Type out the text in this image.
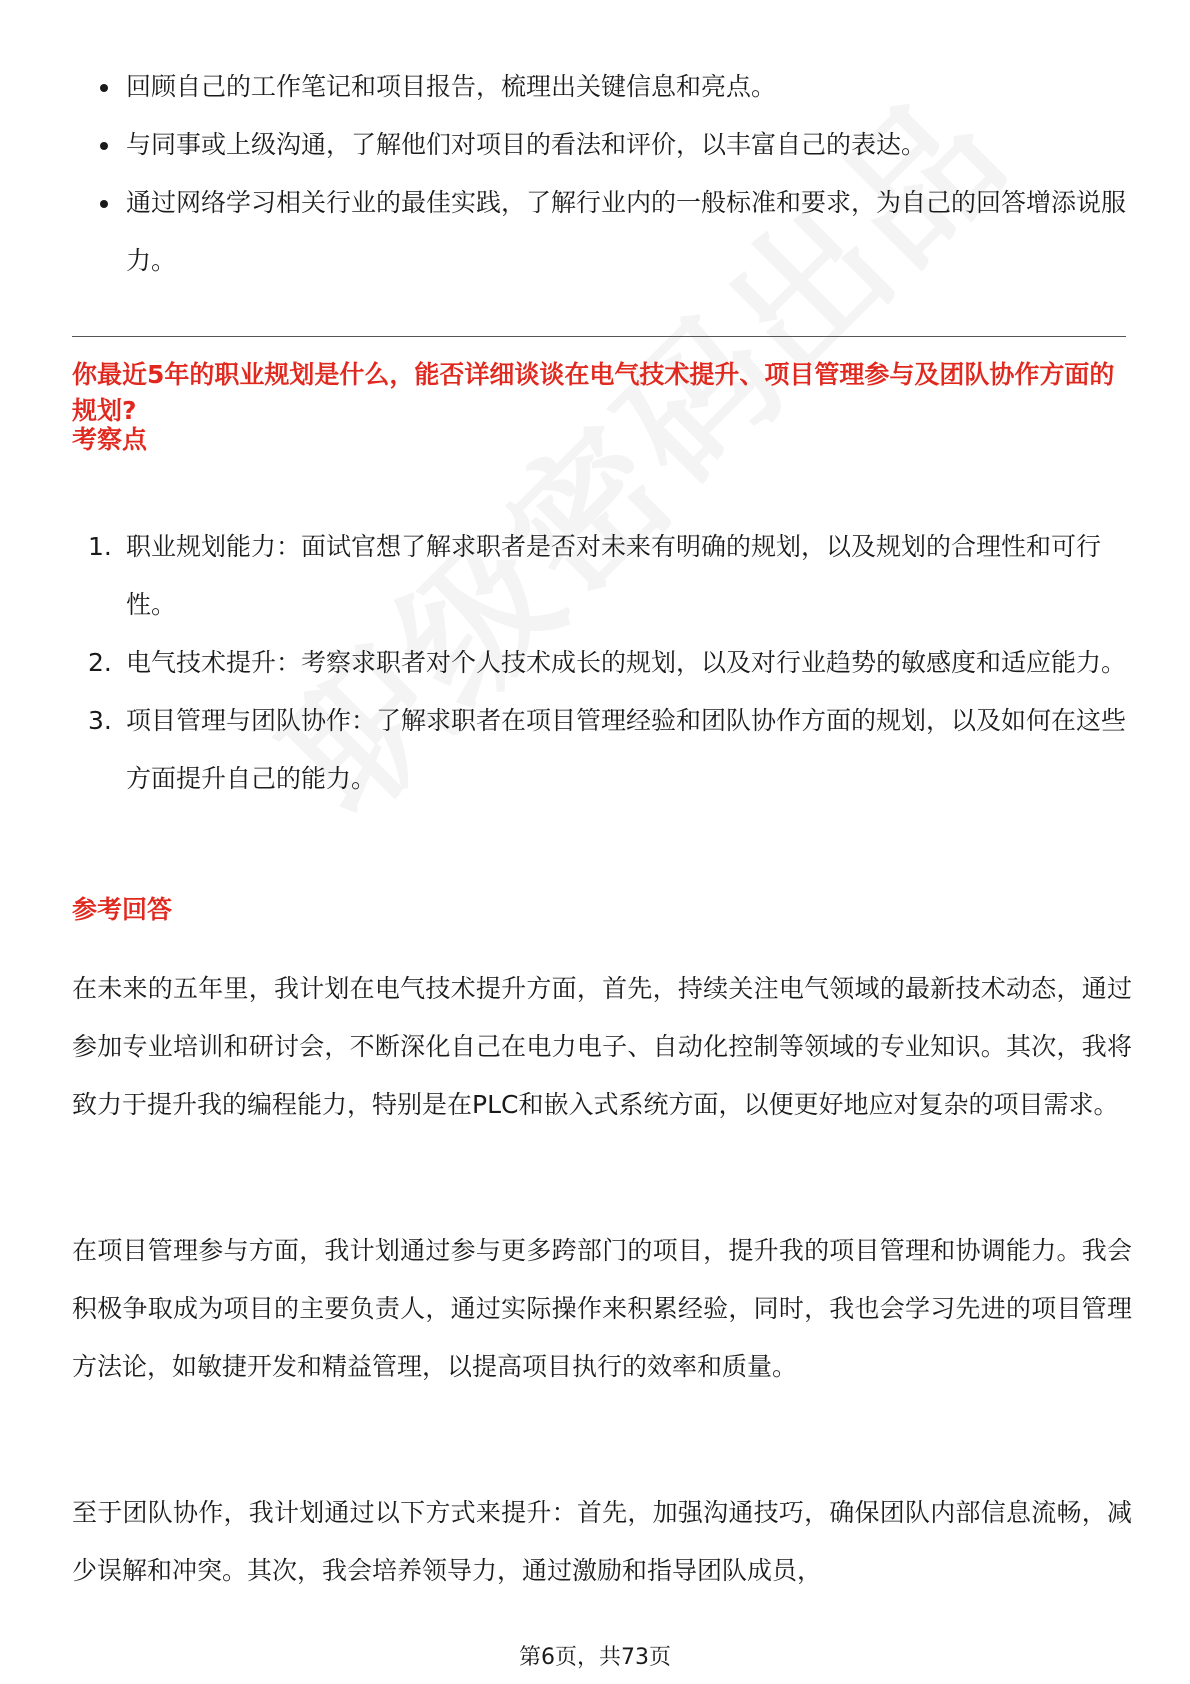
回顾自己的工作笔记和项目报告，梳理出关键信息和亮点。
与同事或上级沟通，了解他们对项目的看法和评价，以丰富自己的表达。
通过网络学习相关行业的最佳实践，了解行业内的一般标准和要求，为自己的回答增添说服力。

你最近5年的职业规划是什么，能否详细谈谈在电气技术提升、项目管理参与及团队协作方面的规划?

考察点
1. 职业规划能力：面试官想了解求职者是否对未来有明确的规划，以及规划的合理性和可行性。
2. 电气技术提升：考察求职者对个人技术成长的规划，以及对行业趋势的敏感度和适应能力。
3. 项目管理与团队协作：了解求职者在项目管理经验和团队协作方面的规划，以及如何在这些方面提升自己的能力。
参考回答

在未来的五年里，我计划在电气技术提升方面，首先，持续关注电气领域的最新技术动态，通过参加专业培训和研讨会，不断深化自己在电力电子、自动化控制等领域的专业知识。其次，我将致力于提升我的编程能力，特别是在PLC和嵌入式系统方面，以便更好地应对复杂的项目需求。

在项目管理参与方面，我计划通过参与更多跨部门的项目，提升我的项目管理和协调能力。我会积极争取成为项目的主要负责人，通过实际操作来积累经验，同时，我也会学习先进的项目管理方法论，如敏捷开发和精益管理，以提高项目执行的效率和质量。

至于团队协作，我计划通过以下方式来提升：首先，加强沟通技巧，确保团队内部信息流畅，减少误解和冲突。其次，我会培养领导力，通过激励和指导团队成员，

第6页，共73页
